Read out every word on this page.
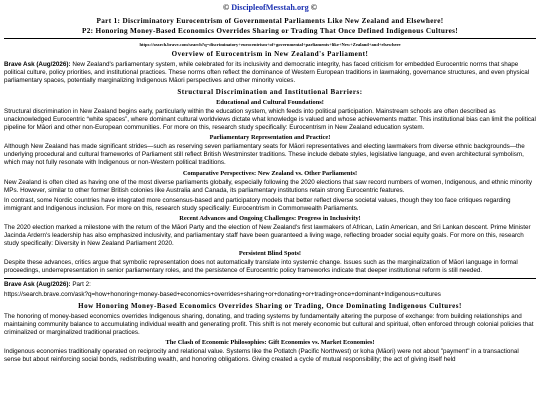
© DiscipleofMesstah.org ©
Part 1: Discriminatory Eurocentrism of Governmental Parliaments Like New Zealand and Elsewhere!
P2: Honoring Money-Based Economics Overrides Sharing or Trading That Once Defined Indigenous Cultures!
https://search.brave.com/search?q=discriminatory+eurocentrism+of+governmental+parliaments+like+New+Zealand+and+elsewhere
Overview of Eurocentrism in New Zealand's Parliament!

Brave Ask (Aug/2026): New Zealand's parliamentary system, while celebrated for its inclusivity and democratic integrity, has faced criticism for embedded Eurocentric norms that shape political culture, policy priorities, and institutional practices. These norms often reflect the dominance of Western European traditions in lawmaking, governance structures, and even physical parliamentary spaces, potentially marginalizing Indigenous Māori perspectives and other minority voices.

Structural Discrimination and Institutional Barriers:
Educational and Cultural Foundations!

Structural discrimination in New Zealand begins early, particularly within the education system, which feeds into political participation. Mainstream schools are often described as unacknowledged Eurocentric “white spaces”, where dominant cultural worldviews dictate what knowledge is valued and whose achievements matter. This institutional bias can limit the political pipeline for Māori and other non-European communities. For more on this, research study specifically: Eurocentrism in New Zealand education system.

Parliamentary Representation and Practice!

Although New Zealand has made significant strides—such as reserving seven parliamentary seats for Māori representatives and electing lawmakers from diverse ethnic backgrounds—the underlying procedural and cultural frameworks of Parliament still reflect British Westminster traditions. These include debate styles, legislative language, and even architectural symbolism, which may not fully resonate with Indigenous or non-Western political traditions.

Comparative Perspectives: New Zealand vs. Other Parliaments!

New Zealand is often cited as having one of the most diverse parliaments globally, especially following the 2020 elections that saw record numbers of women, Indigenous, and ethnic minority MPs. However, similar to other former British colonies like Australia and Canada, its parliamentary institutions retain strong Eurocentric features.

In contrast, some Nordic countries have integrated more consensus-based and participatory models that better reflect diverse societal values, though they too face critiques regarding immigrant and Indigenous inclusion. For more on this, research study specifically: Eurocentrism in Commonwealth Parliaments.

Recent Advances and Ongoing Challenges: Progress in Inclusivity!

The 2020 election marked a milestone with the return of the Māori Party and the election of New Zealand's first lawmakers of African, Latin American, and Sri Lankan descent. Prime Minister Jacinda Ardern's leadership has also emphasized inclusivity, and parliamentary staff have been guaranteed a living wage, reflecting broader social equity goals. For more on this, research study specifically: Diversity in New Zealand Parliament 2020.

Persistent Blind Spots!

Despite these advances, critics argue that symbolic representation does not automatically translate into systemic change. Issues such as the marginalization of Māori language in formal proceedings, underrepresentation in senior parliamentary roles, and the persistence of Eurocentric policy frameworks indicate that deeper institutional reform is still needed.

Brave Ask (Aug/2026): Part 2:

https://search.brave.com/ask?q=how+honoring+money-based+economics+overrides+sharing+or+donating+or+trading+once+dominant+Indigenous+cultures
How Honoring Money-Based Economics Overrides Sharing or Trading, Once Dominating Indigenous Cultures!

The honoring of money-based economics overrides Indigenous sharing, donating, and trading systems by fundamentally altering the purpose of exchange: from building relationships and maintaining community balance to accumulating individual wealth and generating profit. This shift is not merely economic but cultural and spiritual, often enforced through colonial policies that criminalized or marginalized traditional practices.

The Clash of Economic Philosophies: Gift Economies vs. Market Economies!

Indigenous economies traditionally operated on reciprocity and relational value. Systems like the Potlatch (Pacific Northwest) or koha (Māori) were not about "payment" in a transactional sense but about reinforcing social bonds, redistributing wealth, and honoring obligations. Giving created a cycle of mutual responsibility; the act of giving itself held
